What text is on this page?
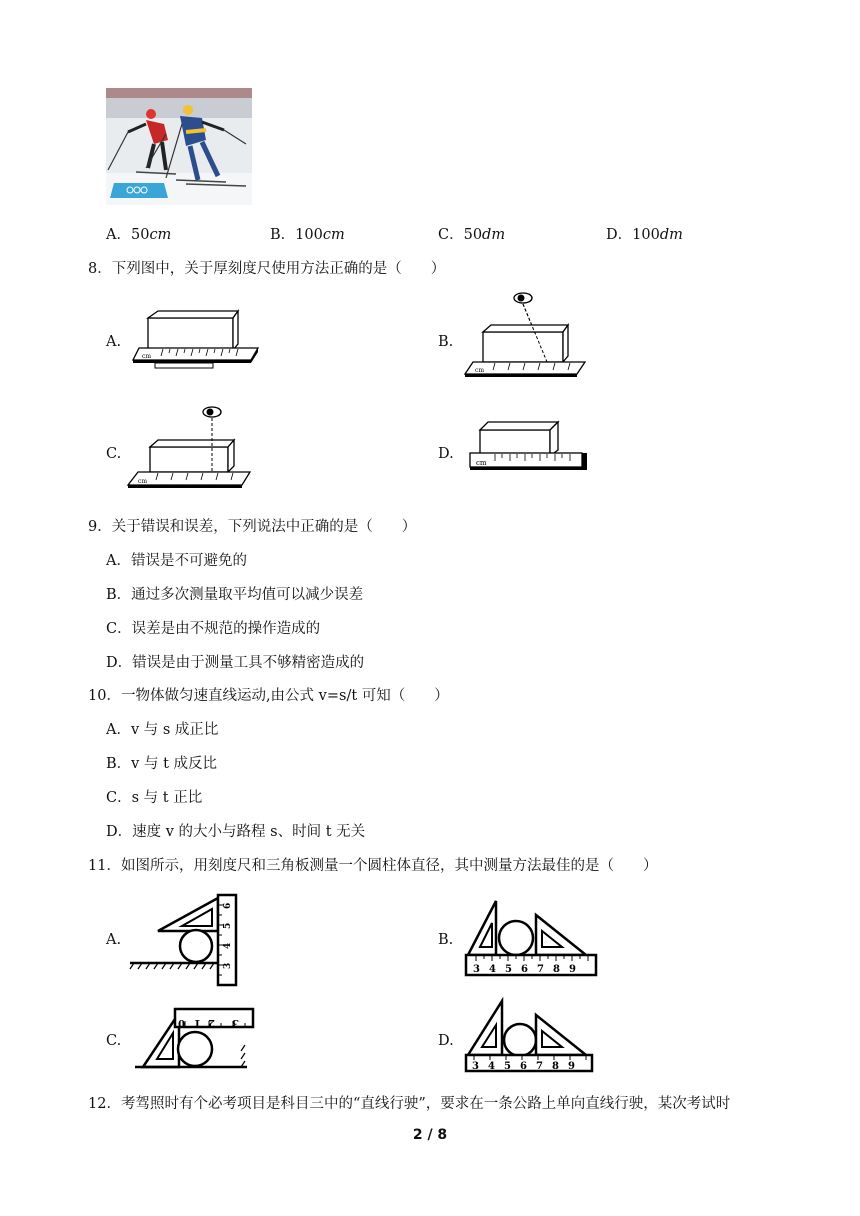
A．50cm	B．100cm	C．50dm	D．100dm
8．下列图中，关于厚刻度尺使用方法正确的是（　　）
A.
cm
B.
cm
C.
cm
D.
cm
9．关于错误和误差，下列说法中正确的是（　　）
A．错误是不可避免的
B．通过多次测量取平均值可以减少误差
C．误差是由不规范的操作造成的
D．错误是由于测量工具不够精密造成的
10．一物体做匀速直线运动,由公式 v=s/t 可知（　　）
A．v 与 s 成正比
B．v 与 t 成反比
C．s 与 t 正比
D．速度 v 的大小与路程 s、时间 t 无关
11．如图所示，用刻度尺和三角板测量一个圆柱体直径，其中测量方法最佳的是（　　）
A.
3
4
5
6
B.
3 4 5 6 7 8 9
C.
3
2
1
0
D.
3 4 5 6 7 8 9
12．考驾照时有个必考项目是科目三中的“直线行驶”，要求在一条公路上单向直线行驶，某次考试时
2 / 8
